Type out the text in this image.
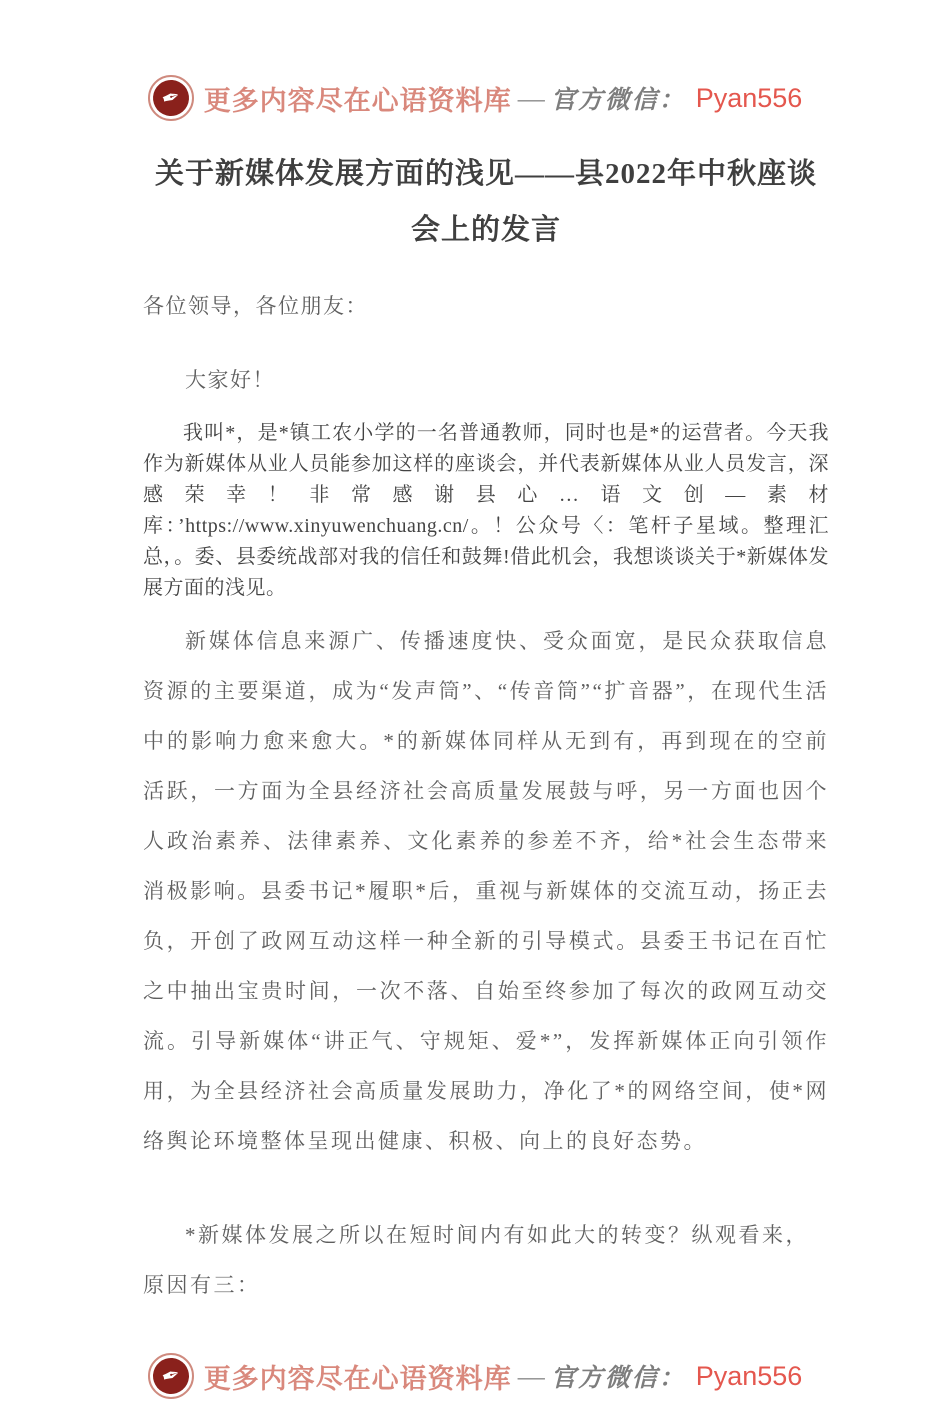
✒ 更多内容尽在心语资料库 — 官方微信： Pyan556
关于新媒体发展方面的浅见——县2022年中秋座谈会上的发言

各位领导，各位朋友：

大家好！

我叫*，是*镇工农小学的一名普通教师，同时也是*的运营者。今天我作为新媒体从业人员能参加这样的座谈会，并代表新媒体从业人员发言，深感荣幸！非常感谢县心…语文创—素材库：’https://www.xinyuwenchuang.cn/。！公众号〈：笔杆子星域。整理汇总，。委、县委统战部对我的信任和鼓舞!借此机会，我想谈谈关于*新媒体发展方面的浅见。

新媒体信息来源广、传播速度快、受众面宽，是民众获取信息资源的主要渠道，成为“发声筒”、“传音筒”“扩音器”，在现代生活中的影响力愈来愈大。*的新媒体同样从无到有，再到现在的空前活跃，一方面为全县经济社会高质量发展鼓与呼，另一方面也因个人政治素养、法律素养、文化素养的参差不齐，给*社会生态带来消极影响。县委书记*履职*后，重视与新媒体的交流互动，扬正去负，开创了政网互动这样一种全新的引导模式。县委王书记在百忙之中抽出宝贵时间，一次不落、自始至终参加了每次的政网互动交流。引导新媒体“讲正气、守规矩、爱*”，发挥新媒体正向引领作用，为全县经济社会高质量发展助力，净化了*的网络空间，使*网络舆论环境整体呈现出健康、积极、向上的良好态势。

*新媒体发展之所以在短时间内有如此大的转变？纵观看来，原因有三：

✒ 更多内容尽在心语资料库 — 官方微信： Pyan556
